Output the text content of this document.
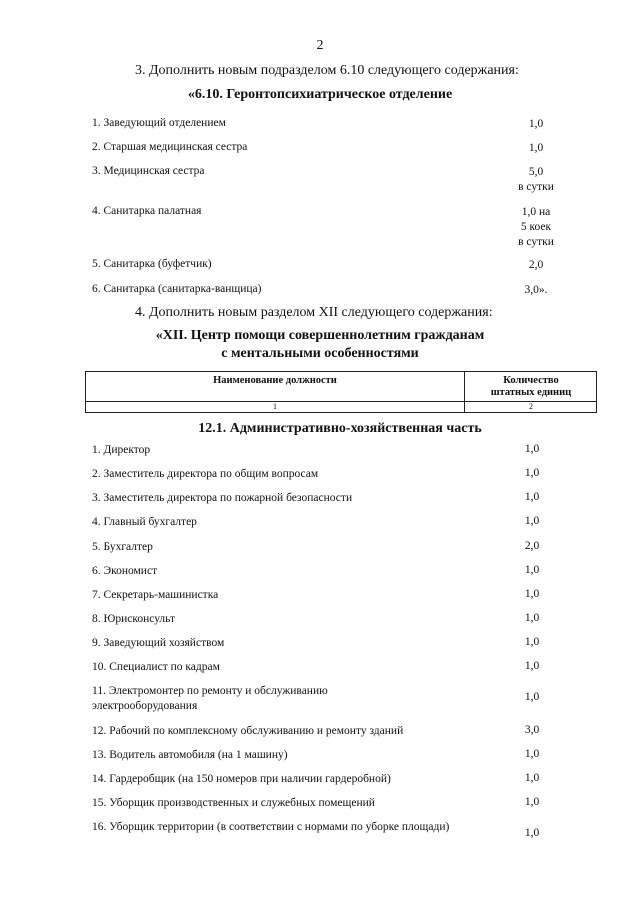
2
3. Дополнить новым подразделом 6.10 следующего содержания:
«6.10. Геронтопсихиатрическое отделение
1. Заведующий отделением	1,0
2. Старшая медицинская сестра	1,0
3. Медицинская сестра	5,0
в сутки
4. Санитарка палатная	1,0 на
5 коек
в сутки
5. Санитарка (буфетчик)	2,0
6. Санитарка (санитарка-ванщица)	3,0».
4. Дополнить новым разделом XII следующего содержания:
«XII. Центр помощи совершеннолетним гражданам
с ментальными особенностями
Наименование должности	Количество
штатных единиц
1	2
12.1. Административно-хозяйственная часть
1. Директор	1,0
2. Заместитель директора по общим вопросам	1,0
3. Заместитель директора по пожарной безопасности	1,0
4. Главный бухгалтер	1,0
5. Бухгалтер	2,0
6. Экономист	1,0
7. Секретарь-машинистка	1,0
8. Юрисконсульт	1,0
9. Заведующий хозяйством	1,0
10. Специалист по кадрам	1,0
11. Электромонтер по ремонту и обслуживанию электрооборудования
1,0
12. Рабочий по комплексному обслуживанию и ремонту зданий	3,0
13. Водитель автомобиля (на 1 машину)	1,0
14. Гардеробщик (на 150 номеров при наличии гардеробной)	1,0
15. Уборщик производственных и служебных помещений	1,0
16. Уборщик территории (в соответствии с нормами по уборке площади)	1,0
